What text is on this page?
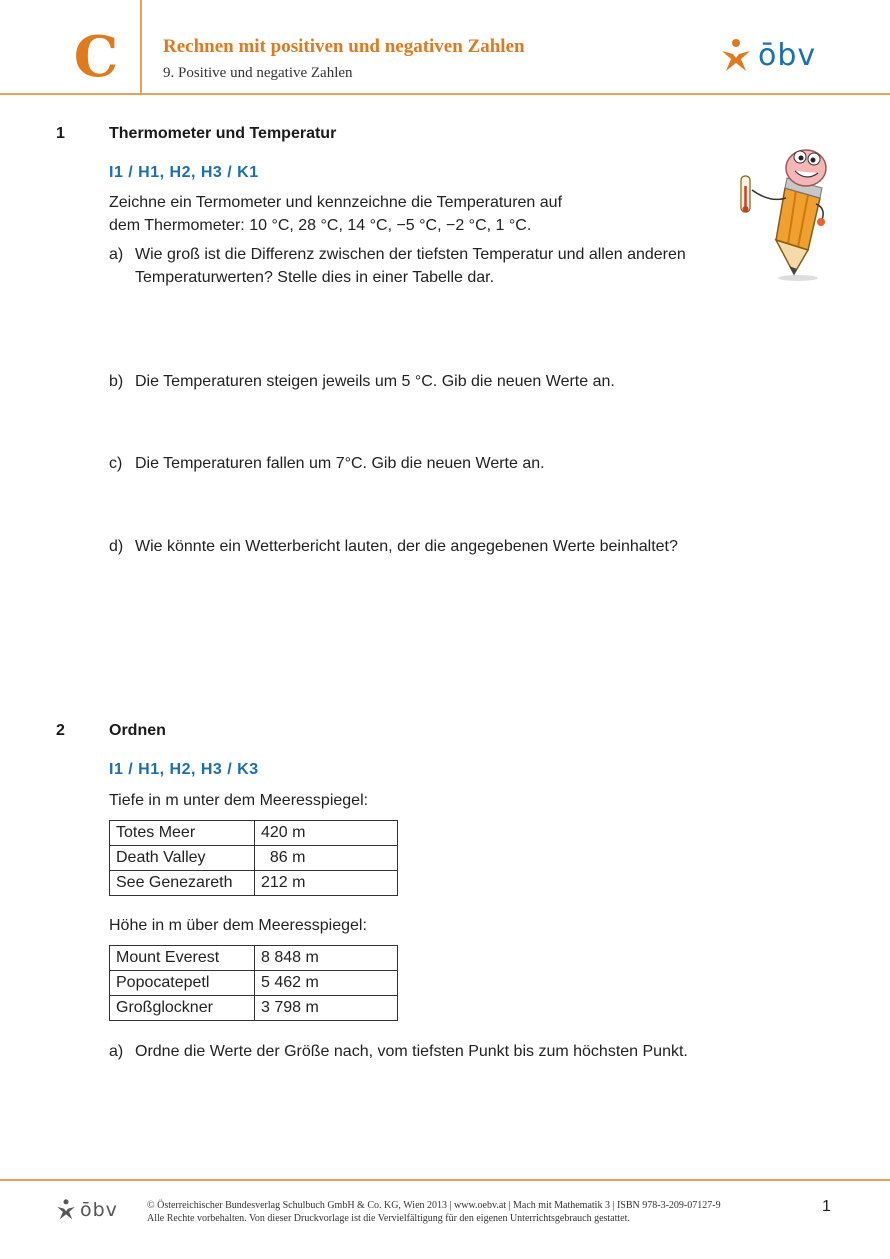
C	Rechnen mit positiven und negativen Zahlen
9. Positive und negative Zahlen	ōbv
1	Thermometer und Temperatur
I1 / H1, H2, H3 / K1
Zeichne ein Termometer und kennzeichne die Temperaturen auf
dem Thermometer: 10 °C, 28 °C, 14 °C, −5 °C, −2 °C, 1 °C.
a) Wie groß ist die Differenz zwischen der tiefsten Temperatur und allen anderen
Temperaturwerten? Stelle dies in einer Tabelle dar.
b) Die Temperaturen steigen jeweils um 5 °C. Gib die neuen Werte an.
c) Die Temperaturen fallen um 7°C. Gib die neuen Werte an.
d) Wie könnte ein Wetterbericht lauten, der die angegebenen Werte beinhaltet?
2	Ordnen
I1 / H1, H2, H3 / K3
Tiefe in m unter dem Meeresspiegel:
Totes Meer	420 m
Death Valley	86 m
See Genezareth	212 m
Höhe in m über dem Meeresspiegel:
Mount Everest	8 848 m
Popocatepetl	5 462 m
Großglockner	3 798 m
a) Ordne die Werte der Größe nach, vom tiefsten Punkt bis zum höchsten Punkt.
ōbv	© Österreichischer Bundesverlag Schulbuch GmbH & Co. KG, Wien 2013 | www.oebv.at | Mach mit Mathematik 3 | ISBN 978-3-209-07127-9
Alle Rechte vorbehalten. Von dieser Druckvorlage ist die Vervielfältigung für den eigenen Unterrichtsgebrauch gestattet.
1
